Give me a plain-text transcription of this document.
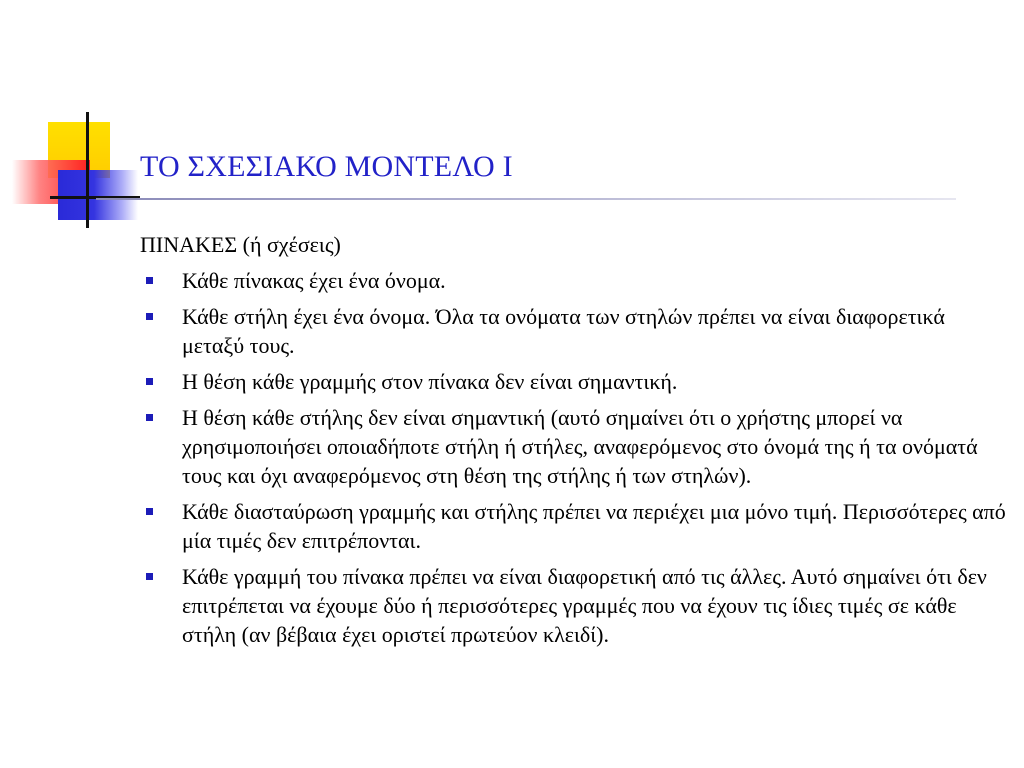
ΤΟ ΣΧΕΣΙΑΚΟ ΜΟΝΤΕΛΟ Ι
ΠΙΝΑΚΕΣ (ή σχέσεις)
Κάθε πίνακας έχει ένα όνομα.
Κάθε στήλη έχει ένα όνομα. Όλα τα ονόματα των στηλών πρέπει να είναι διαφορετικά μεταξύ τους.
Η θέση κάθε γραμμής στον πίνακα δεν είναι σημαντική.
Η θέση κάθε στήλης δεν είναι σημαντική (αυτό σημαίνει ότι ο χρήστης μπορεί να χρησιμοποιήσει οποιαδήποτε στήλη ή στήλες, αναφερόμενος στο όνομά της ή τα ονόματά τους και όχι αναφερόμενος στη θέση της στήλης ή των στηλών).
Κάθε διασταύρωση γραμμής και στήλης πρέπει να περιέχει μια μόνο τιμή. Περισσότερες από μία τιμές δεν επιτρέπονται.
Κάθε γραμμή του πίνακα πρέπει να είναι διαφορετική από τις άλλες. Αυτό σημαίνει ότι δεν επιτρέπεται να έχουμε δύο ή περισσότερες γραμμές που να έχουν τις ίδιες τιμές σε κάθε στήλη (αν βέβαια έχει οριστεί πρωτεύον κλειδί).
